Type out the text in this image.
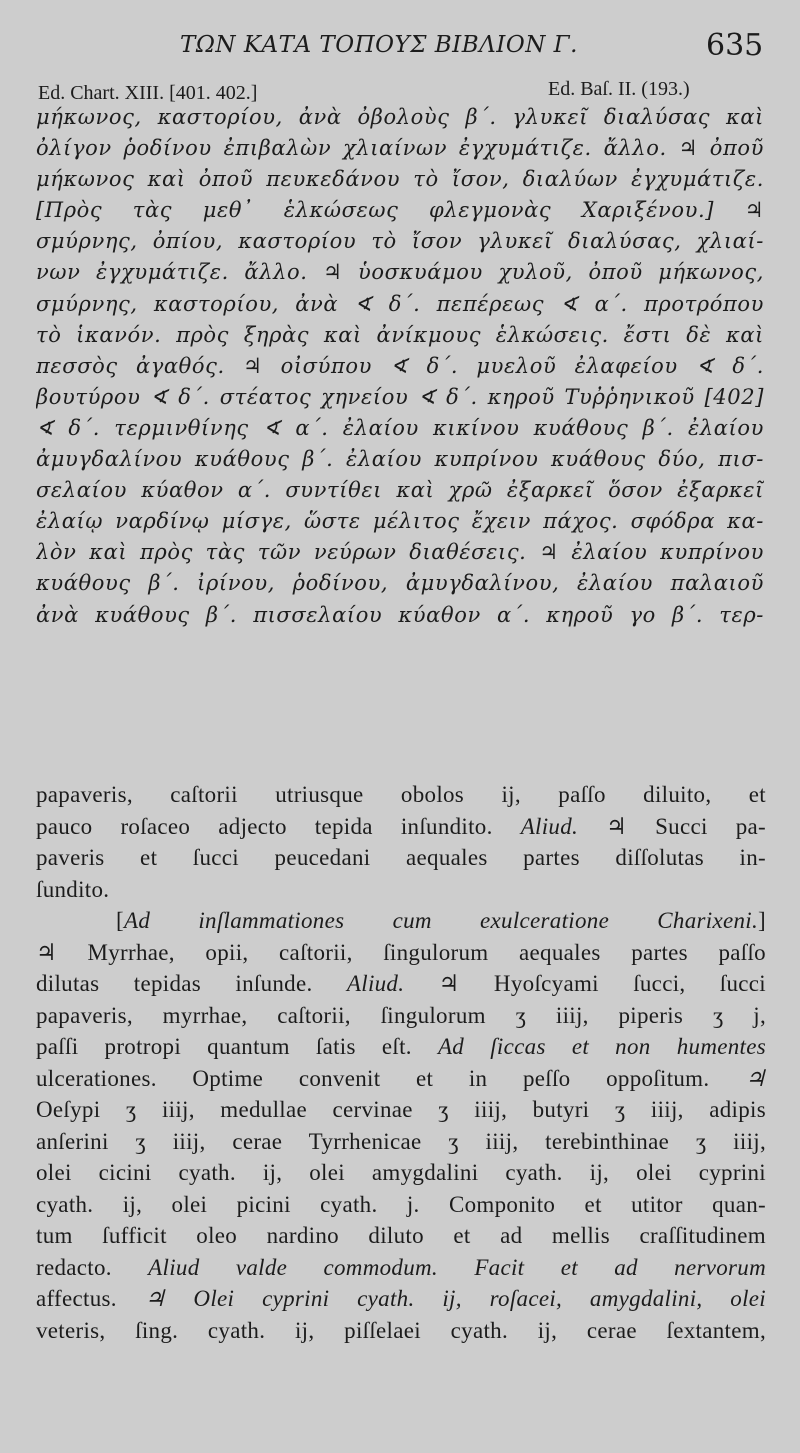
ΤΩΝ ΚΑΤΑ ΤΟΠΟΥΣ ΒΙΒΛΙΟΝ Γ.	635
Ed. Chart. XIII. [401. 402.]	Ed. Baſ. II. (193.)
μήκωνος, καστορίου, ἀνὰ ὀβολοὺς β΄. γλυκεῖ διαλύσας καὶ
ὀλίγον ῥοδίνου ἐπιβαλὼν χλιαίνων ἐγχυμάτιζε. ἄλλο. ♃ ὀποῦ
μήκωνος καὶ ὀποῦ πευκεδάνου τὸ ἴσον, διαλύων ἐγχυμάτιζε.
[Πρὸς τὰς μεθ᾽ ἑλκώσεως φλεγμονὰς Χαριξένου.] ♃
σμύρνης, ὀπίου, καστορίου τὸ ἴσον γλυκεῖ διαλύσας, χλιαί-
νων ἐγχυμάτιζε. ἄλλο. ♃ ὑοσκυάμου χυλοῦ, ὀποῦ μήκωνος,
σμύρνης, καστορίου, ἀνὰ ∢ δ΄. πεπέρεως ∢ α΄. προτρόπου
τὸ ἱκανόν. πρὸς ξηρὰς καὶ ἀνίκμους ἑλκώσεις. ἔστι δὲ καὶ
πεσσὸς ἀγαθός. ♃ οἰσύπου ∢ δ΄. μυελοῦ ἐλαφείου ∢ δ΄.
βουτύρου ∢ δ΄. στέατος χηνείου ∢ δ΄. κηροῦ Τυῤῥηνικοῦ [402]
∢ δ΄. τερμινθίνης ∢ α΄. ἐλαίου κικίνου κυάθους β΄. ἐλαίου
ἀμυγδαλίνου κυάθους β΄. ἐλαίου κυπρίνου κυάθους δύο, πισ-
σελαίου κύαθον α΄. συντίθει καὶ χρῶ ἐξαρκεῖ ὅσον ἐξαρκεῖ
ἐλαίῳ ναρδίνῳ μίσγε, ὥστε μέλιτος ἔχειν πάχος. σφόδρα κα-
λὸν καὶ πρὸς τὰς τῶν νεύρων διαθέσεις. ♃ ἐλαίου κυπρίνου
κυάθους β΄. ἰρίνου, ῥοδίνου, ἀμυγδαλίνου, ἐλαίου παλαιοῦ
ἀνὰ κυάθους β΄. πισσελαίου κύαθον α΄. κηροῦ γο β΄. τερ-
papaveris, caſtorii utriusque obolos ij, paſſo diluito, et
pauco roſaceo adjecto tepida inſundito. Aliud. ♃ Succi pa-
paveris et ſucci peucedani aequales partes diſſolutas in-
ſundito.
[Ad inſlammationes cum exulceratione Charixeni.]
♃ Myrrhae, opii, caſtorii, ſingulorum aequales partes paſſo
dilutas tepidas inſunde. Aliud. ♃ Hyoſcyami ſucci, ſucci
papaveris, myrrhae, caſtorii, ſingulorum ʒ iiij, piperis ʒ j,
paſſi protropi quantum ſatis eſt. Ad ſiccas et non humentes
ulcerationes. Optime convenit et in peſſo oppoſitum. ♃
Oeſypi ʒ iiij, medullae cervinae ʒ iiij, butyri ʒ iiij, adipis
anſerini ʒ iiij, cerae Tyrrhenicae ʒ iiij, terebinthinae ʒ iiij,
olei cicini cyath. ij, olei amygdalini cyath. ij, olei cyprini
cyath. ij, olei picini cyath. j. Componito et utitor quan-
tum ſufficit oleo nardino diluto et ad mellis craſſitudinem
redacto. Aliud valde commodum. Facit et ad nervorum
affectus. ♃ Olei cyprini cyath. ij, roſacei, amygdalini, olei
veteris, ſing. cyath. ij, piſſelaei cyath. ij, cerae ſextantem,
